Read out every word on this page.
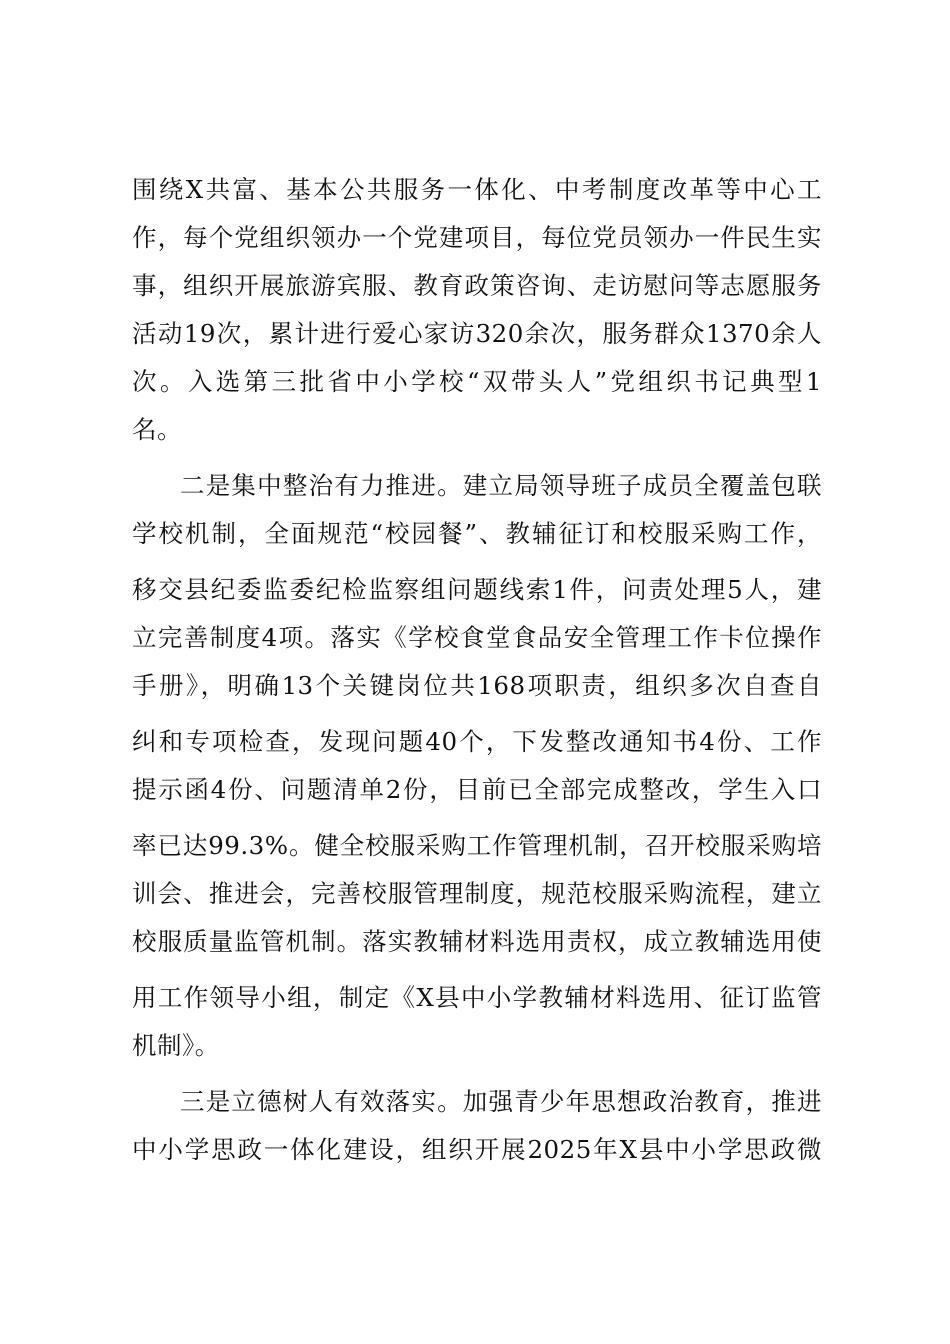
围绕X共富、基本公共服务一体化、中考制度改革等中心工
作，每个党组织领办一个党建项目，每位党员领办一件民生实
事，组织开展旅游宾服、教育政策咨询、走访慰问等志愿服务
活动19次，累计进行爱心家访320余次，服务群众1370余人
次。入选第三批省中小学校“双带头人”党组织书记典型1
名。
二是集中整治有力推进。建立局领导班子成员全覆盖包联
学校机制，全面规范“校园餐”、教辅征订和校服采购工作，
移交县纪委监委纪检监察组问题线索1件，问责处理5人，建
立完善制度4项。落实《学校食堂食品安全管理工作卡位操作
手册》，明确13个关键岗位共168项职责，组织多次自查自
纠和专项检查，发现问题40个，下发整改通知书4份、工作
提示函4份、问题清单2份，目前已全部完成整改，学生入口
率已达99.3%。健全校服采购工作管理机制，召开校服采购培
训会、推进会，完善校服管理制度，规范校服采购流程，建立
校服质量监管机制。落实教辅材料选用责权，成立教辅选用使
用工作领导小组，制定《X县中小学教辅材料选用、征订监管
机制》。
三是立德树人有效落实。加强青少年思想政治教育，推进
中小学思政一体化建设，组织开展2025年X县中小学思政微
